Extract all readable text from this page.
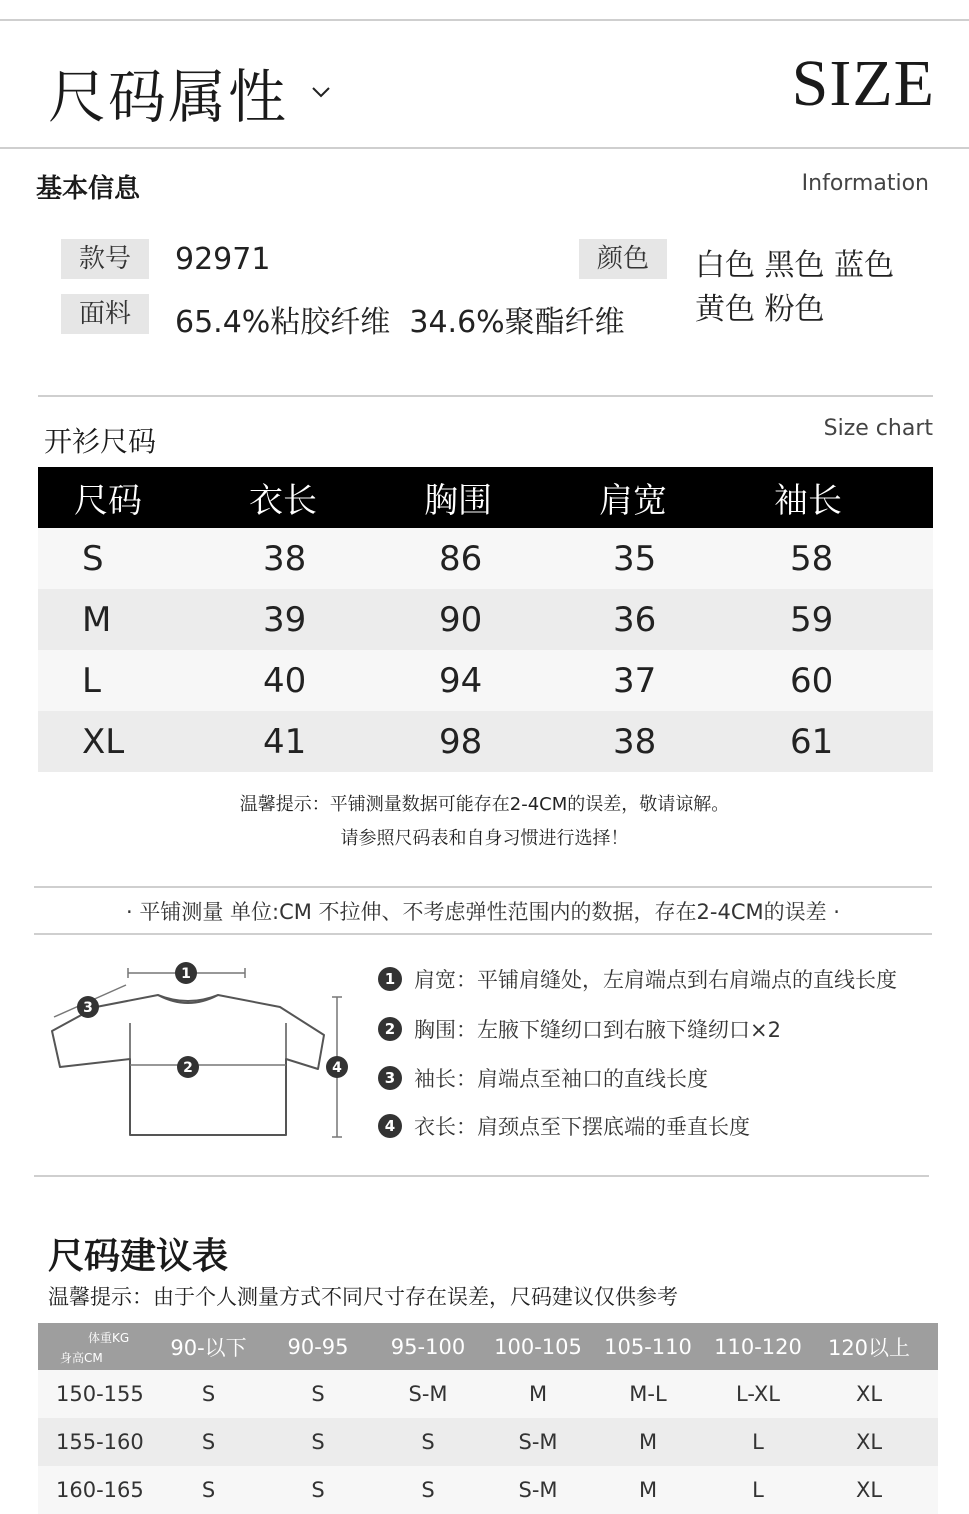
尺码属性	SIZE
基本信息	Information
款号	92971
面料	65.4%粘胶纤维  34.6%聚酯纤维
颜色	白色 黑色 蓝色
黄色 粉色
开衫尺码	Size chart
尺码	衣长	胸围	肩宽	袖长
S	38	86	35	58
M	39	90	36	59
L	40	94	37	60
XL	41	98	38	61
温馨提示：平铺测量数据可能存在2-4CM的误差，敬请谅解。
请参照尺码表和自身习惯进行选择！
· 平铺测量 单位:CM 不拉伸、不考虑弹性范围内的数据，存在2-4CM的误差 ·
1
2
3
4
1 肩宽：平铺肩缝处，左肩端点到右肩端点的直线长度
2 胸围：左腋下缝纫口到右腋下缝纫口×2
3 袖长：肩端点至袖口的直线长度
4 衣长：肩颈点至下摆底端的垂直长度
尺码建议表
温馨提示：由于个人测量方式不同尺寸存在误差，尺码建议仅供参考
体重KG
身高CM	90-以下	90-95	95-100	100-105	105-110	110-120	120以上
150-155	S	S	S-M	M	M-L	L-XL	XL
155-160	S	S	S	S-M	M	L	XL
160-165	S	S	S	S-M	M	L	XL
